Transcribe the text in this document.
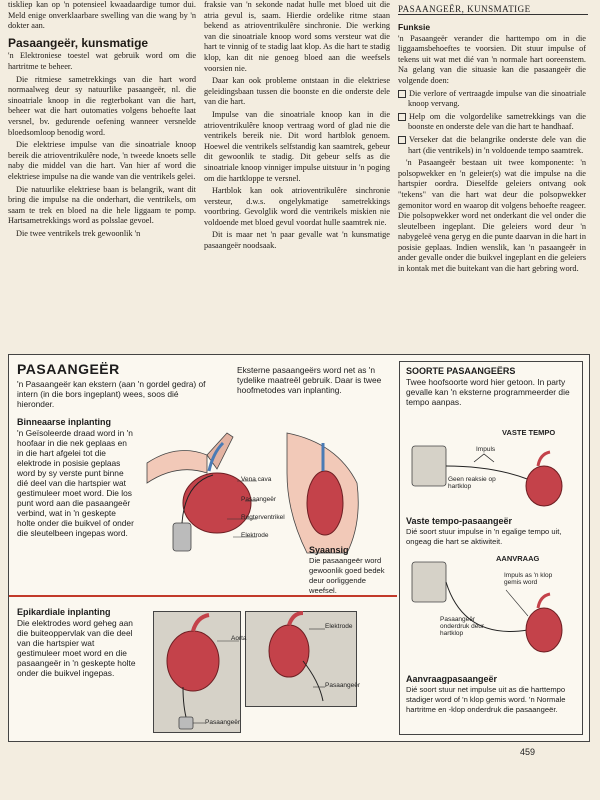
PASAANGEËR, KUNSMATIGE

tiskliер kan op 'n potensieel kwaadaardige tumor dui. Meld enige onverklaarbare swelling van die wang by 'n dokter aan.

Pasaangeër, kunsmatige

'n Elektroniese toestel wat gebruik word om die hartritme te beheer.

Die ritmiese sametrekkings van die hart word normaalweg deur sy natuurlike pasaangeër, nl. die sinoatriale knoop in die regterbokant van die hart, beheer wat die hart outomaties volgens behoefte laat versnel, bv. gedurende oefening wanneer versnelde bloedsomloop benodig word.

Die elektriese impulse van die sinoatriale knoop bereik die atrioventrikulêre node, 'n tweede knoets selle naby die middel van die hart. Van hier af word die elektriese impulse na die wande van die ventrikels gelei.

Die natuurlike elektriese baan is belangrik, want dit bring die impulse na die onderhart, die ventrikels, om saam te trek en bloed na die hele liggaam te pomp. Hartsametrekkings word as polsslae gevoel.

Die twee ventrikels trek gewoonlik 'n

fraksie van 'n sekonde nadat hulle met bloed uit die atria gevul is, saam. Hierdie ordelike ritme staan bekend as atrioventrikulêre sinchronie. Die werking van die sinoatriale knoop word soms versteur wat die hart te vinnig of te stadig laat klop. As die hart te stadig klop, kan dit nie genoeg bloed aan die weefsels voorsien nie.

Daar kan ook probleme ontstaan in die elektriese geleidingsbaan tussen die boonste en die onderste dele van die hart.

Impulse van die sinoatriale knoop kan in die atrioventrikulêre knoop vertraag word of glad nie die ventrikels bereik nie. Dit word hartblok genoem. Hoewel die ventrikels selfstandig kan saamtrek, gebeur dit gewoonlik te stadig. Dit gebeur selfs as die sinoatriale knoop vinniger impulse uitstuur in 'n poging om die hartkloppe te versnel.

Hartblok kan ook atrioventrikulêre sinchronie versteur, d.w.s. ongelykmatige sametrekkings voortbring. Gevolglik word die ventrikels miskien nie voldoende met bloed gevul voordat hulle saamtrek nie.

Dit is maar net 'n paar gevalle wat 'n kunsmatige pasaangeër noodsaak.

Funksie

'n Pasaangeër verander die harttempo om in die liggaamsbehoeftes te voorsien. Dit stuur impulse of tekens uit wat met dié van 'n normale hart ooreenstem. Na gelang van die situasie kan die pasaangeër die volgende doen:

Die verlore of vertraagde impulse van die sinoatriale knoop vervang.

Help om die volgordelike sametrekkings van die boonste en onderste dele van die hart te handhaaf.

Verseker dat die belangrike onderste dele van die hart (die ventrikels) in 'n voldoende tempo saamtrek.

'n Pasaangeër bestaan uit twee komponente: 'n polsopwekker en 'n geleier(s) wat die impulse na die hartspier oordra. Dieselfde geleiers ontvang ook "tekens" van die hart wat deur die polsopwekker gemonitor word en waarop dit volgens behoefte reageer. Die polsopwekker word net onderkant die vel onder die sleutelbeen ingeplant. Die geleiers word deur 'n nabygeleë vena geryg en die punte daarvan in die hart in posisie geplaas. Indien wenslik, kan 'n pasaangeër in ander gevalle onder die buikvel ingeplant en die geleiers in kontak met die buitekant van die hart gebring word.

PASAANGEËR
'n Pasaangeër kan ekstern (aan 'n gordel gedra) of intern (in die bors ingeplant) wees, soos dié hieronder.
Eksterne pasaangeërs word net as 'n tydelike maatreël gebruik. Daar is twee hoofmetodes van inplanting.
Binneaarse inplanting
'n Geïsoleerde draad word in 'n hoofaar in die nek geplaas en in die hart afgelei tot die elektrode in posisie geplaas word by sy verste punt binne dié deel van die hartspier wat gestimuleer moet word. Die los punt word aan die pasaangeër verbind, wat in 'n geskepte holte onder die buikvel of onder die sleutelbeen ingepas word.
Vena cava
Pasaangeër
Regterventrikel
Elektrode
Syaansig
Die pasaangeër word gewoonlik goed bedek deur oorliggende weefsel.
Epikardiale inplanting
Die elektrodes word geheg aan die buiteoppervlak van die deel van die hartspier wat gestimuleer moet word en die pasaangeër in 'n geskepte holte onder die buikvel ingepas.
Aorta
Elektrode
Pasaangeër
Pasaangeër
SOORTE PASAANGEËRS
Twee hoofsoorte word hier getoon. In party gevalle kan 'n eksterne programmeerder die tempo aanpas.
VASTE TEMPO
Impuls
Geen reaksie op hartklop
Vaste tempo-pasaangeër
Dié soort stuur impulse in 'n egalige tempo uit, ongeag die hart se aktiwiteit.
AANVRAAG
Impuls as 'n klop gemis word
Pasaangeër onderdruk deur hartklop
Aanvraagpasaangeër
Dié soort stuur net impulse uit as die harttempo stadiger word of 'n klop gemis word. 'n Normale hartritme en -klop onderdruk die pasaangeër.
459
